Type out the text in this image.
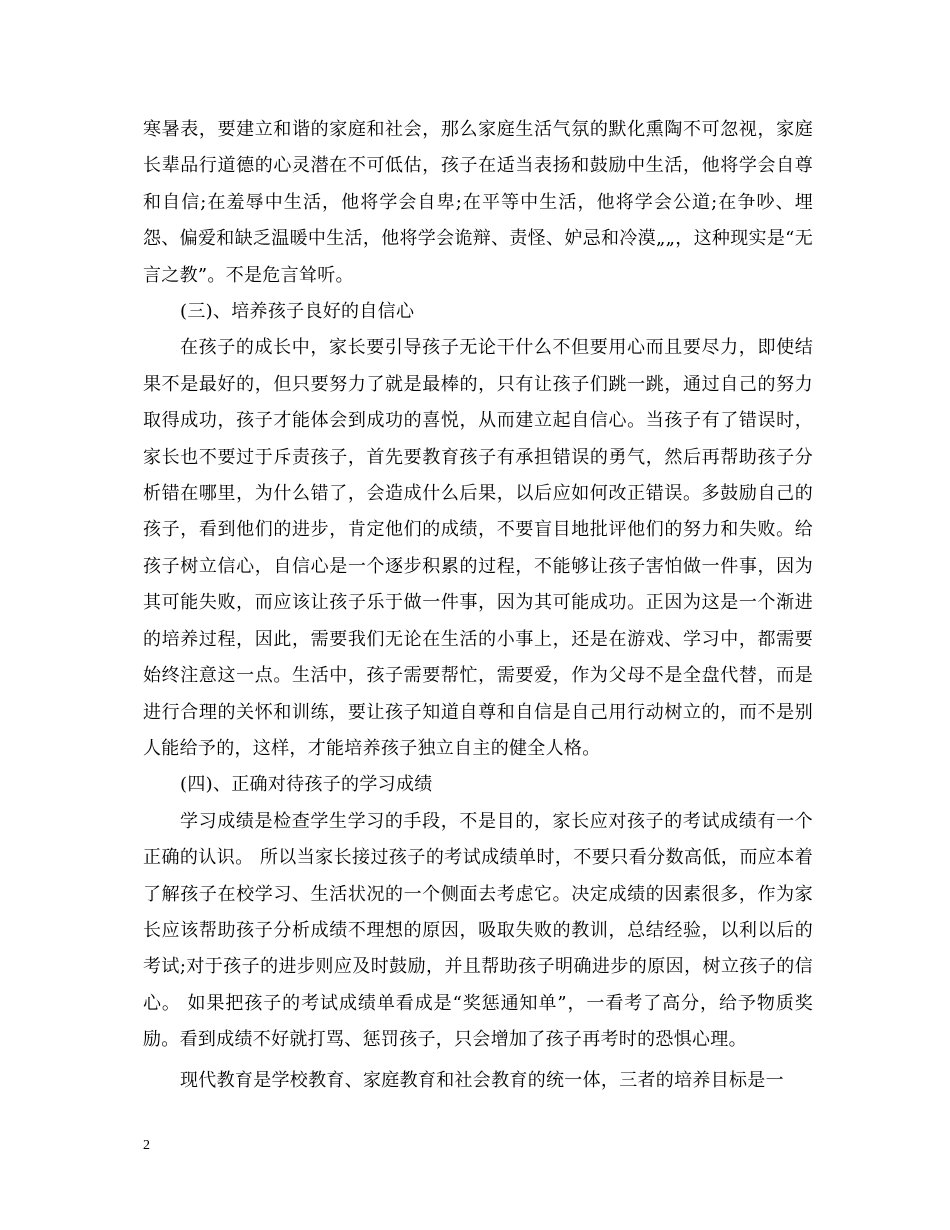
寒暑表，要建立和谐的家庭和社会，那么家庭生活气氛的默化熏陶不可忽视，家庭长辈品行道德的心灵潜在不可低估，孩子在适当表扬和鼓励中生活，他将学会自尊和自信;在羞辱中生活，他将学会自卑;在平等中生活，他将学会公道;在争吵、埋怨、偏爱和缺乏温暖中生活，他将学会诡辩、责怪、妒忌和冷漠„„，这种现实是“无言之教”。不是危言耸听。

(三)、培养孩子良好的自信心

在孩子的成长中，家长要引导孩子无论干什么不但要用心而且要尽力，即使结果不是最好的，但只要努力了就是最棒的，只有让孩子们跳一跳，通过自己的努力取得成功，孩子才能体会到成功的喜悦，从而建立起自信心。当孩子有了错误时，家长也不要过于斥责孩子，首先要教育孩子有承担错误的勇气，然后再帮助孩子分析错在哪里，为什么错了，会造成什么后果，以后应如何改正错误。多鼓励自己的孩子，看到他们的进步，肯定他们的成绩，不要盲目地批评他们的努力和失败。给孩子树立信心，自信心是一个逐步积累的过程，不能够让孩子害怕做一件事，因为其可能失败，而应该让孩子乐于做一件事，因为其可能成功。正因为这是一个渐进的培养过程，因此，需要我们无论在生活的小事上，还是在游戏、学习中，都需要始终注意这一点。生活中，孩子需要帮忙，需要爱，作为父母不是全盘代替，而是进行合理的关怀和训练，要让孩子知道自尊和自信是自己用行动树立的，而不是别人能给予的，这样，才能培养孩子独立自主的健全人格。

(四)、正确对待孩子的学习成绩

学习成绩是检查学生学习的手段，不是目的，家长应对孩子的考试成绩有一个正确的认识。 所以当家长接过孩子的考试成绩单时，不要只看分数高低，而应本着了解孩子在校学习、生活状况的一个侧面去考虑它。决定成绩的因素很多，作为家长应该帮助孩子分析成绩不理想的原因，吸取失败的教训，总结经验，以利以后的考试;对于孩子的进步则应及时鼓励，并且帮助孩子明确进步的原因，树立孩子的信心。 如果把孩子的考试成绩单看成是“奖惩通知单”，一看考了高分，给予物质奖励。看到成绩不好就打骂、惩罚孩子，只会增加了孩子再考时的恐惧心理。

现代教育是学校教育、家庭教育和社会教育的统一体，三者的培养目标是一

2
